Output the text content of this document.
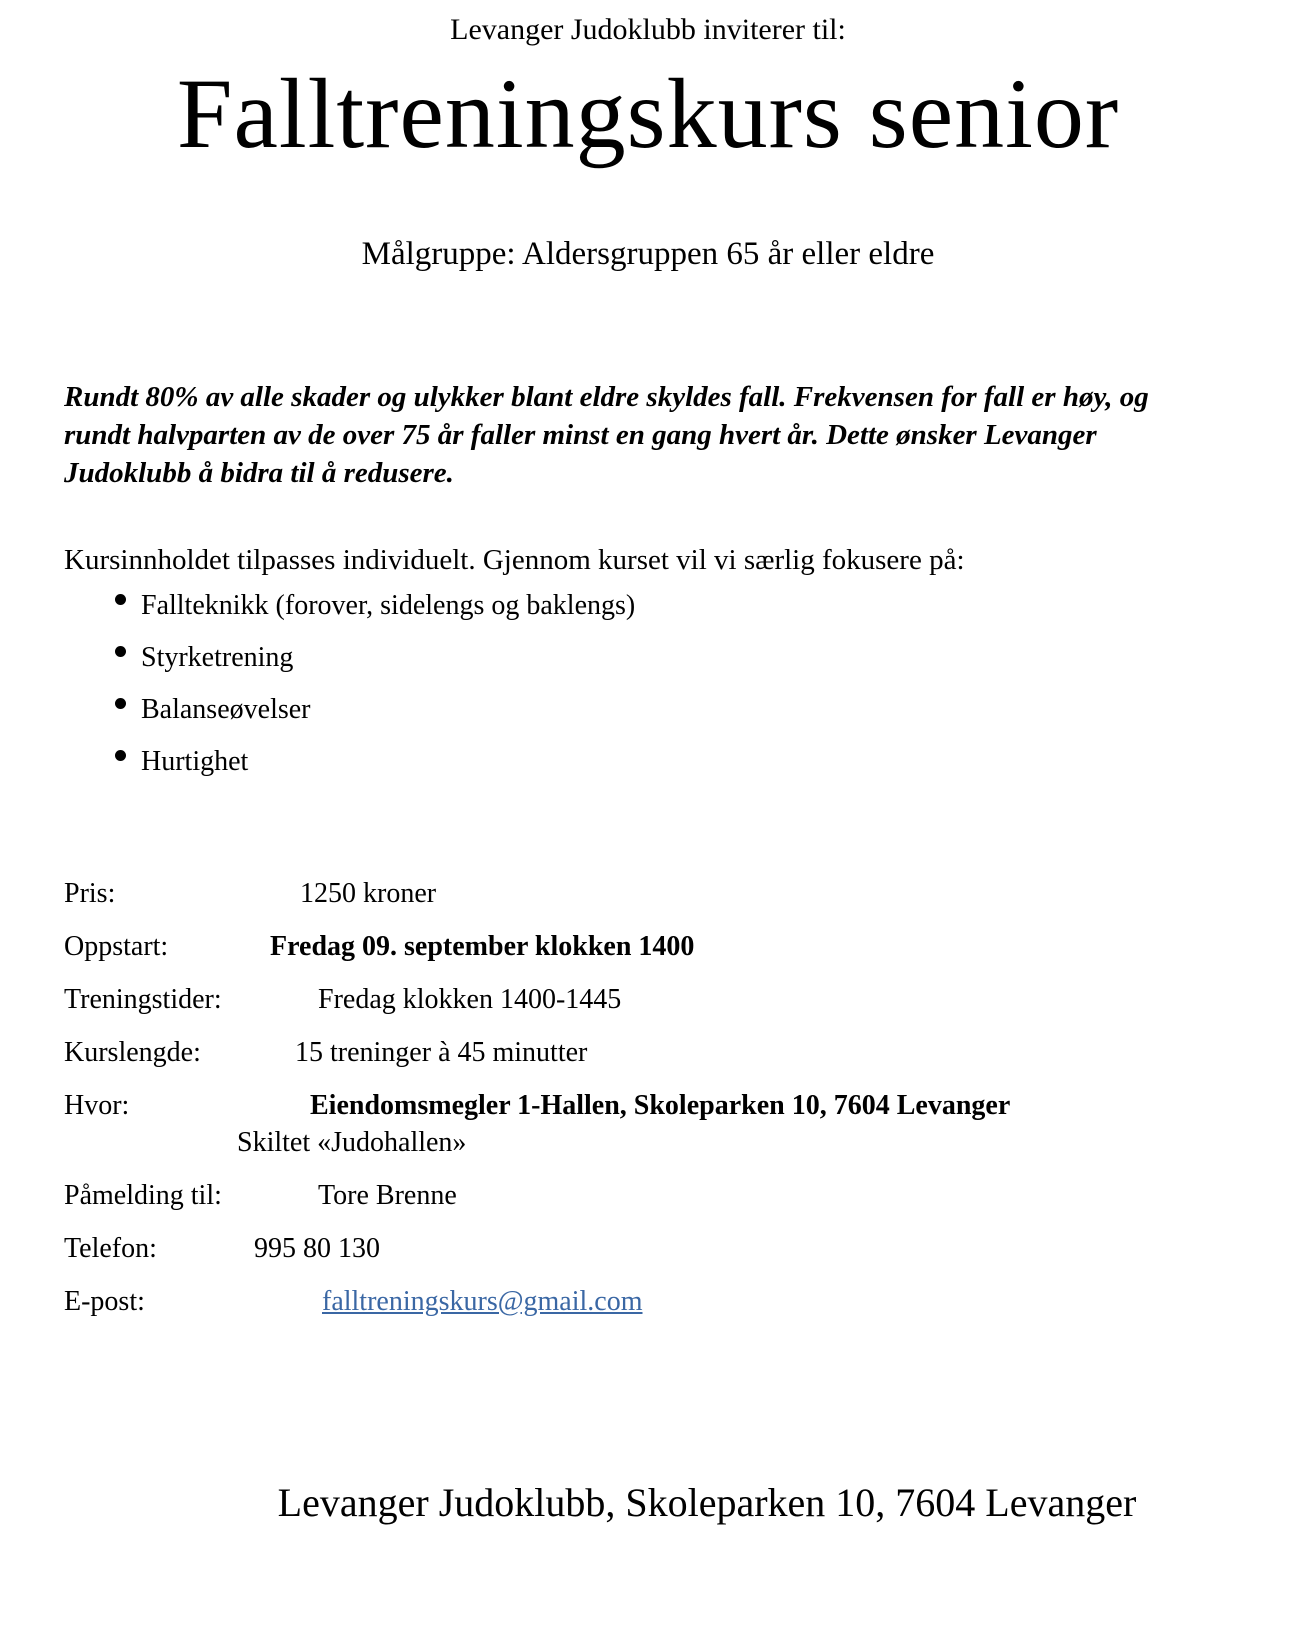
Levanger Judoklubb inviterer til:
Falltreningskurs senior
Målgruppe: Aldersgruppen 65 år eller eldre

Rundt 80% av alle skader og ulykker blant eldre skyldes fall. Frekvensen for fall er høy, og rundt halvparten av de over 75 år faller minst en gang hvert år. Dette ønsker Levanger Judoklubb å bidra til å redusere.

Kursinnholdet tilpasses individuelt. Gjennom kurset vil vi særlig fokusere på:

Fallteknikk (forover, sidelengs og baklengs)
Styrketrening
Balanseøvelser
Hurtighet
Pris:	1250 kroner
Oppstart:	Fredag 09. september klokken 1400
Treningstider:	Fredag klokken 1400-1445
Kurslengde:	15 treninger à 45 minutter
Hvor:	Eiendomsmegler 1-Hallen, Skoleparken 10, 7604 Levanger
Skiltet «Judohallen»
Påmelding til:	Tore Brenne
Telefon:	995 80 130
E-post:	falltreningskurs@gmail.com
Levanger Judoklubb, Skoleparken 10, 7604 Levanger
